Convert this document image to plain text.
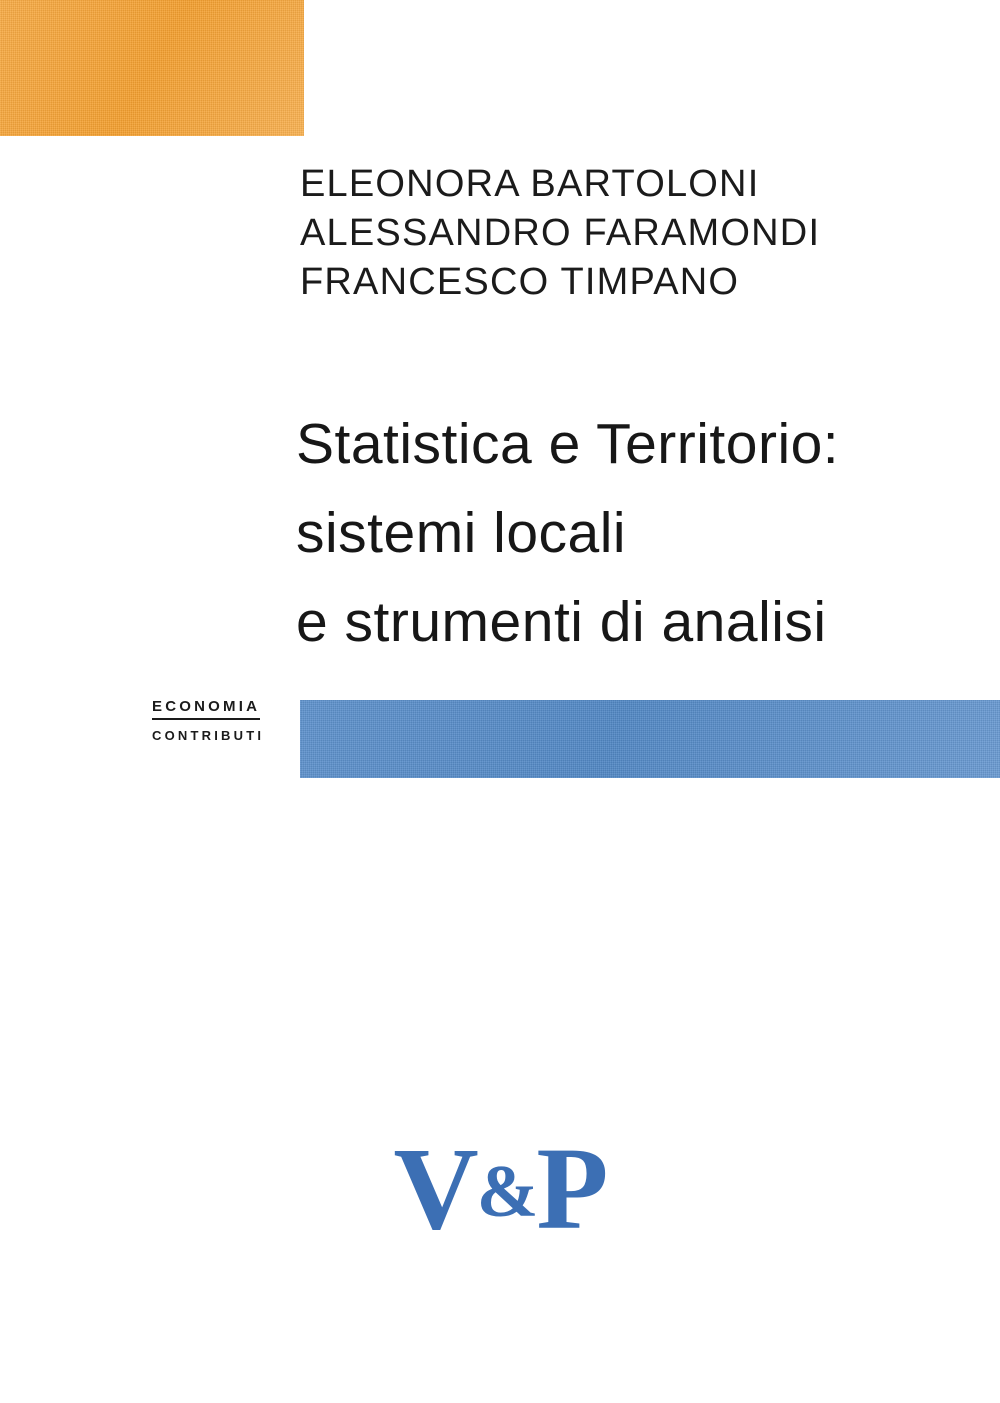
ELEONORA BARTOLONI
ALESSANDRO FARAMONDI
FRANCESCO TIMPANO
Statistica e Territorio:
sistemi locali
e strumenti di analisi
ECONOMIA
CONTRIBUTI
V&P
